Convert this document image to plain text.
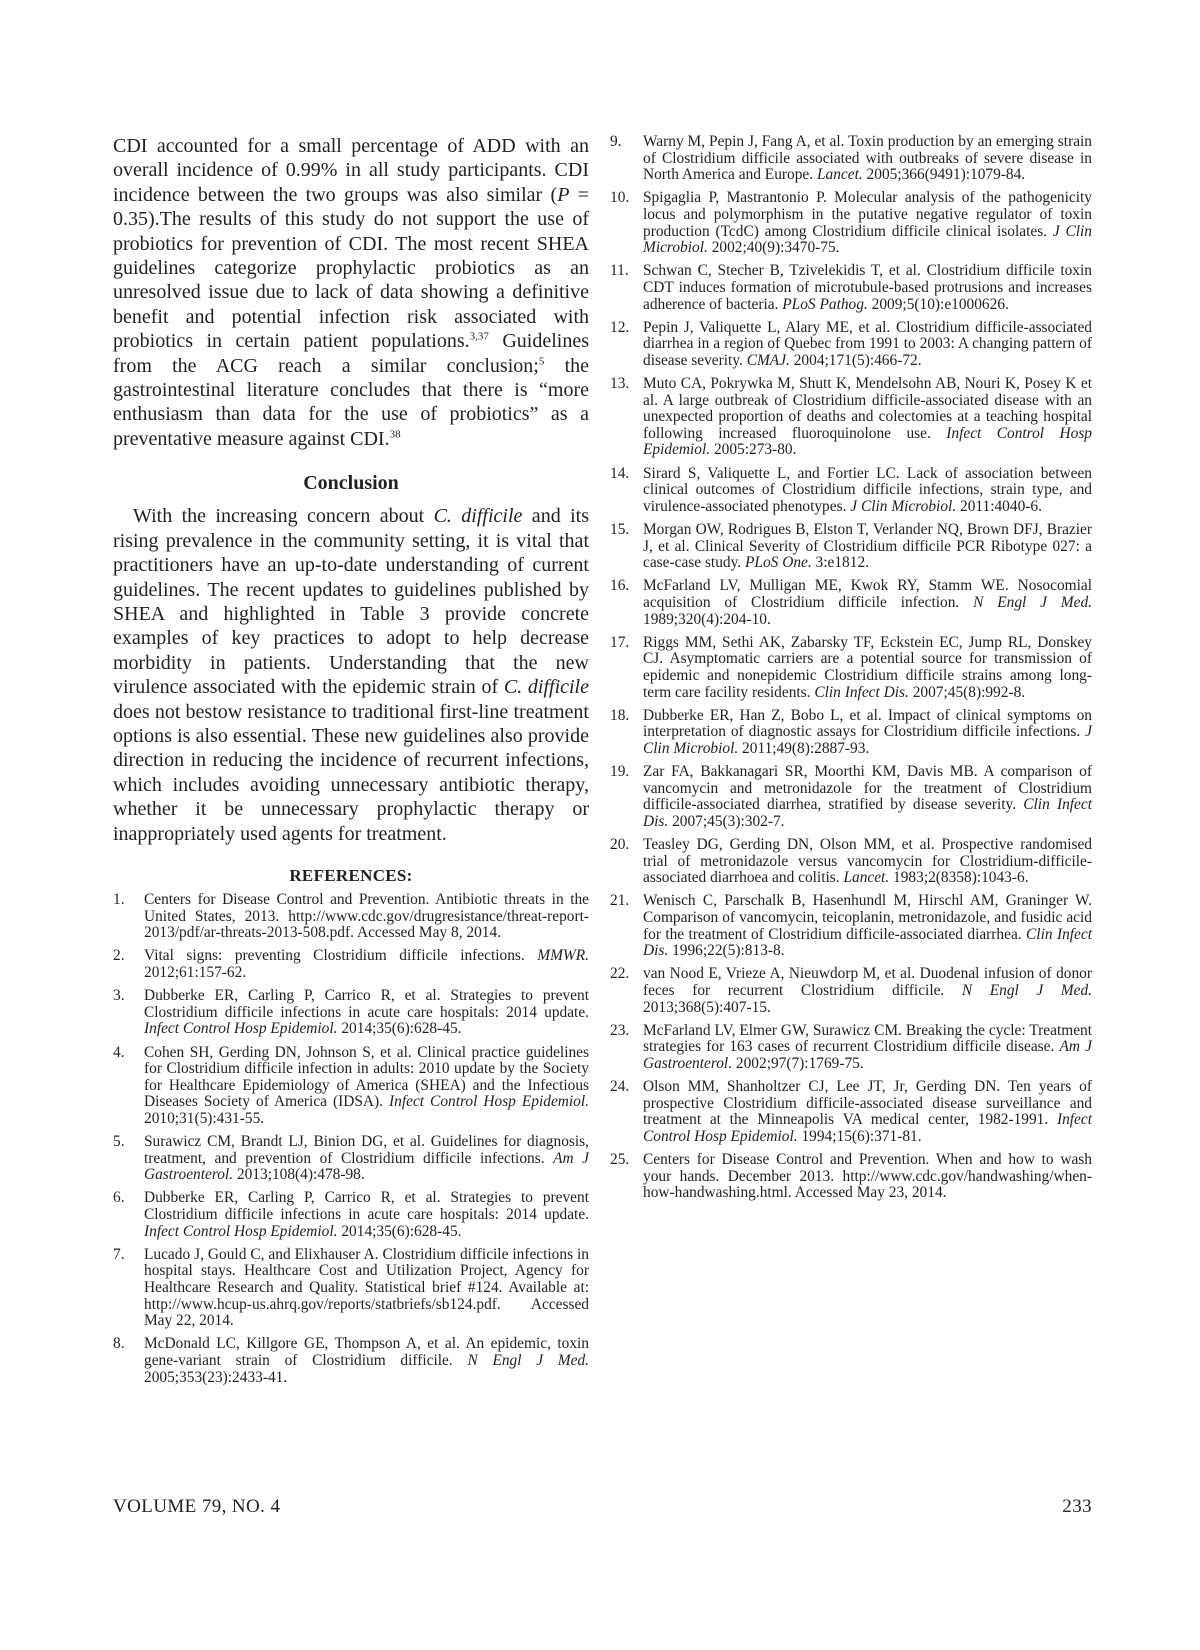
CDI accounted for a small percentage of ADD with an overall incidence of 0.99% in all study participants. CDI incidence between the two groups was also similar (P = 0.35).The results of this study do not support the use of probiotics for prevention of CDI. The most recent SHEA guidelines categorize prophylactic probiotics as an unresolved issue due to lack of data showing a definitive benefit and potential infection risk associated with probiotics in certain patient populations.$^{3,37}$ Guidelines from the ACG reach a similar conclusion;$^5$ the gastrointestinal literature concludes that there is “more enthusiasm than data for the use of probiotics” as a preventative measure against CDI.$^{38}$

Conclusion

With the increasing concern about C. difficile and its rising prevalence in the community setting, it is vital that practitioners have an up-to-date understanding of current guidelines. The recent updates to guidelines published by SHEA and highlighted in Table 3 provide concrete examples of key practices to adopt to help decrease morbidity in patients. Understanding that the new virulence associated with the epidemic strain of C. difficile does not bestow resistance to traditional first-line treatment options is also essential. These new guidelines also provide direction in reducing the incidence of recurrent infections, which includes avoiding unnecessary antibiotic therapy, whether it be unnecessary prophylactic therapy or inappropriately used agents for treatment.

REFERENCES:
1. Centers for Disease Control and Prevention. Antibiotic threats in the United States, 2013. http://www.cdc.gov/drugresistance/threat-report-2013/pdf/ar-threats-2013-508.pdf. Accessed May 8, 2014.
2. Vital signs: preventing Clostridium difficile infections. MMWR. 2012;61:157-62.
3. Dubberke ER, Carling P, Carrico R, et al. Strategies to prevent Clostridium difficile infections in acute care hospitals: 2014 update. Infect Control Hosp Epidemiol. 2014;35(6):628-45.
4. Cohen SH, Gerding DN, Johnson S, et al. Clinical practice guidelines for Clostridium difficile infection in adults: 2010 update by the Society for Healthcare Epidemiology of America (SHEA) and the Infectious Diseases Society of America (IDSA). Infect Control Hosp Epidemiol. 2010;31(5):431-55.
5. Surawicz CM, Brandt LJ, Binion DG, et al. Guidelines for diagnosis, treatment, and prevention of Clostridium difficile infections. Am J Gastroenterol. 2013;108(4):478-98.
6. Dubberke ER, Carling P, Carrico R, et al. Strategies to prevent Clostridium difficile infections in acute care hospitals: 2014 update. Infect Control Hosp Epidemiol. 2014;35(6):628-45.
7. Lucado J, Gould C, and Elixhauser A. Clostridium difficile infections in hospital stays. Healthcare Cost and Utilization Project, Agency for Healthcare Research and Quality. Statistical brief #124. Available at: http://www.hcup-us.ahrq.gov/reports/statbriefs/sb124.pdf. Accessed May 22, 2014.
8. McDonald LC, Killgore GE, Thompson A, et al. An epidemic, toxin gene-variant strain of Clostridium difficile. N Engl J Med. 2005;353(23):2433-41.
9. Warny M, Pepin J, Fang A, et al. Toxin production by an emerging strain of Clostridium difficile associated with outbreaks of severe disease in North America and Europe. Lancet. 2005;366(9491):1079-84.
10. Spigaglia P, Mastrantonio P. Molecular analysis of the pathogenicity locus and polymorphism in the putative negative regulator of toxin production (TcdC) among Clostridium difficile clinical isolates. J Clin Microbiol. 2002;40(9):3470-75.
11. Schwan C, Stecher B, Tzivelekidis T, et al. Clostridium difficile toxin CDT induces formation of microtubule-based protrusions and increases adherence of bacteria. PLoS Pathog. 2009;5(10):e1000626.
12. Pepin J, Valiquette L, Alary ME, et al. Clostridium difficile-associated diarrhea in a region of Quebec from 1991 to 2003: A changing pattern of disease severity. CMAJ. 2004;171(5):466-72.
13. Muto CA, Pokrywka M, Shutt K, Mendelsohn AB, Nouri K, Posey K et al. A large outbreak of Clostridium difficile-associated disease with an unexpected proportion of deaths and colectomies at a teaching hospital following increased fluoroquinolone use. Infect Control Hosp Epidemiol. 2005:273-80.
14. Sirard S, Valiquette L, and Fortier LC. Lack of association between clinical outcomes of Clostridium difficile infections, strain type, and virulence-associated phenotypes. J Clin Microbiol. 2011:4040-6.
15. Morgan OW, Rodrigues B, Elston T, Verlander NQ, Brown DFJ, Brazier J, et al. Clinical Severity of Clostridium difficile PCR Ribotype 027: a case-case study. PLoS One. 3:e1812.
16. McFarland LV, Mulligan ME, Kwok RY, Stamm WE. Nosocomial acquisition of Clostridium difficile infection. N Engl J Med. 1989;320(4):204-10.
17. Riggs MM, Sethi AK, Zabarsky TF, Eckstein EC, Jump RL, Donskey CJ. Asymptomatic carriers are a potential source for transmission of epidemic and nonepidemic Clostridium difficile strains among long-term care facility residents. Clin Infect Dis. 2007;45(8):992-8.
18. Dubberke ER, Han Z, Bobo L, et al. Impact of clinical symptoms on interpretation of diagnostic assays for Clostridium difficile infections. J Clin Microbiol. 2011;49(8):2887-93.
19. Zar FA, Bakkanagari SR, Moorthi KM, Davis MB. A comparison of vancomycin and metronidazole for the treatment of Clostridium difficile-associated diarrhea, stratified by disease severity. Clin Infect Dis. 2007;45(3):302-7.
20. Teasley DG, Gerding DN, Olson MM, et al. Prospective randomised trial of metronidazole versus vancomycin for Clostridium-difficile-associated diarrhoea and colitis. Lancet. 1983;2(8358):1043-6.
21. Wenisch C, Parschalk B, Hasenhundl M, Hirschl AM, Graninger W. Comparison of vancomycin, teicoplanin, metronidazole, and fusidic acid for the treatment of Clostridium difficile-associated diarrhea. Clin Infect Dis. 1996;22(5):813-8.
22. van Nood E, Vrieze A, Nieuwdorp M, et al. Duodenal infusion of donor feces for recurrent Clostridium difficile. N Engl J Med. 2013;368(5):407-15.
23. McFarland LV, Elmer GW, Surawicz CM. Breaking the cycle: Treatment strategies for 163 cases of recurrent Clostridium difficile disease. Am J Gastroenterol. 2002;97(7):1769-75.
24. Olson MM, Shanholtzer CJ, Lee JT, Jr, Gerding DN. Ten years of prospective Clostridium difficile-associated disease surveillance and treatment at the Minneapolis VA medical center, 1982-1991. Infect Control Hosp Epidemiol. 1994;15(6):371-81.
25. Centers for Disease Control and Prevention. When and how to wash your hands. December 2013. http://www.cdc.gov/handwashing/when-how-handwashing.html. Accessed May 23, 2014.
VOLUME 79, NO. 4	233
